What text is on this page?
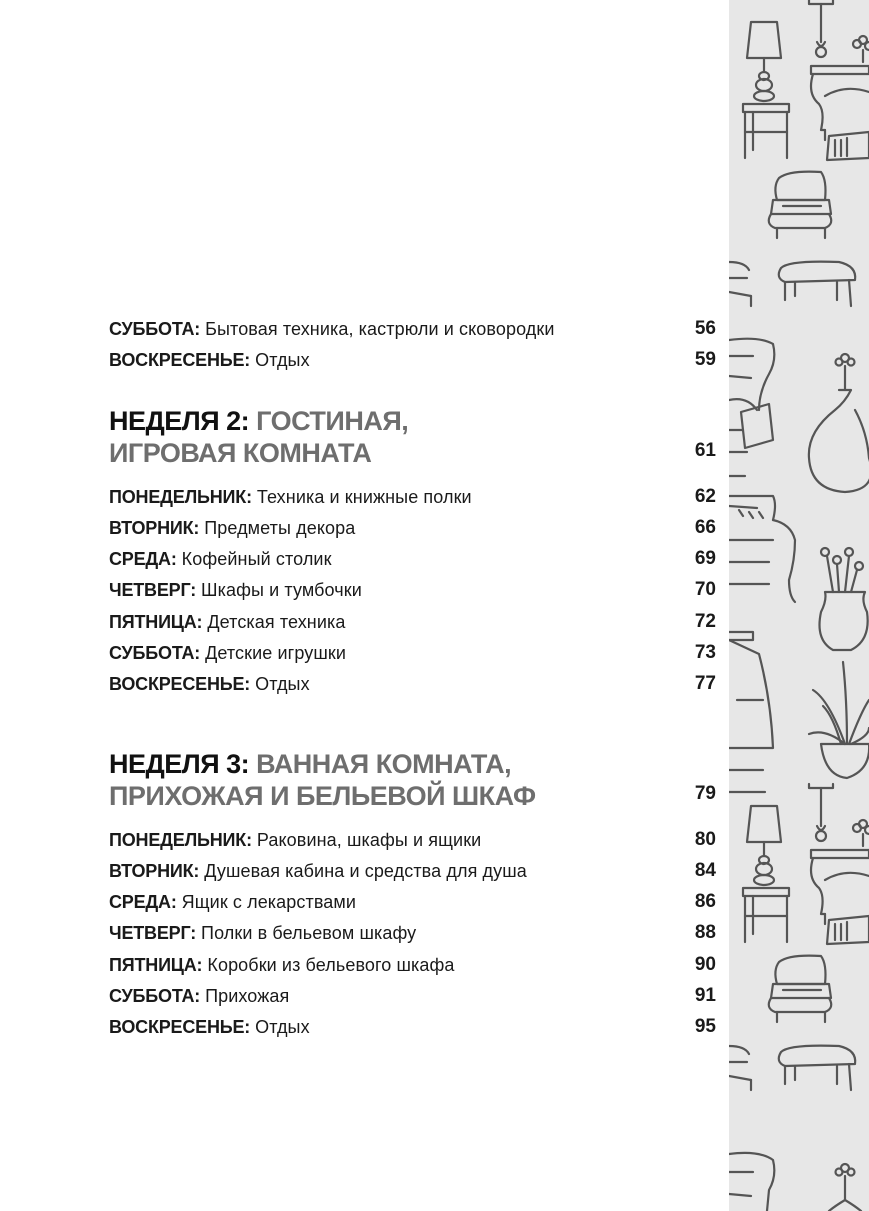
СУББОТА: Бытовая техника, кастрюли и сковородки	56
ВОСКРЕСЕНЬЕ: Отдых	59
НЕДЕЛЯ 2: ГОСТИНАЯ,
ИГРОВАЯ КОМНАТА	61
ПОНЕДЕЛЬНИК: Техника и книжные полки	62
ВТОРНИК: Предметы декора	66
СРЕДА: Кофейный столик	69
ЧЕТВЕРГ: Шкафы и тумбочки	70
ПЯТНИЦА: Детская техника	72
СУББОТА: Детские игрушки	73
ВОСКРЕСЕНЬЕ: Отдых	77
НЕДЕЛЯ 3: ВАННАЯ КОМНАТА,
ПРИХОЖАЯ И БЕЛЬЕВОЙ ШКАФ	79
ПОНЕДЕЛЬНИК: Раковина, шкафы и ящики	80
ВТОРНИК: Душевая кабина и средства для душа	84
СРЕДА: Ящик с лекарствами	86
ЧЕТВЕРГ: Полки в бельевом шкафу	88
ПЯТНИЦА: Коробки из бельевого шкафа	90
СУББОТА: Прихожая	91
ВОСКРЕСЕНЬЕ: Отдых	95
